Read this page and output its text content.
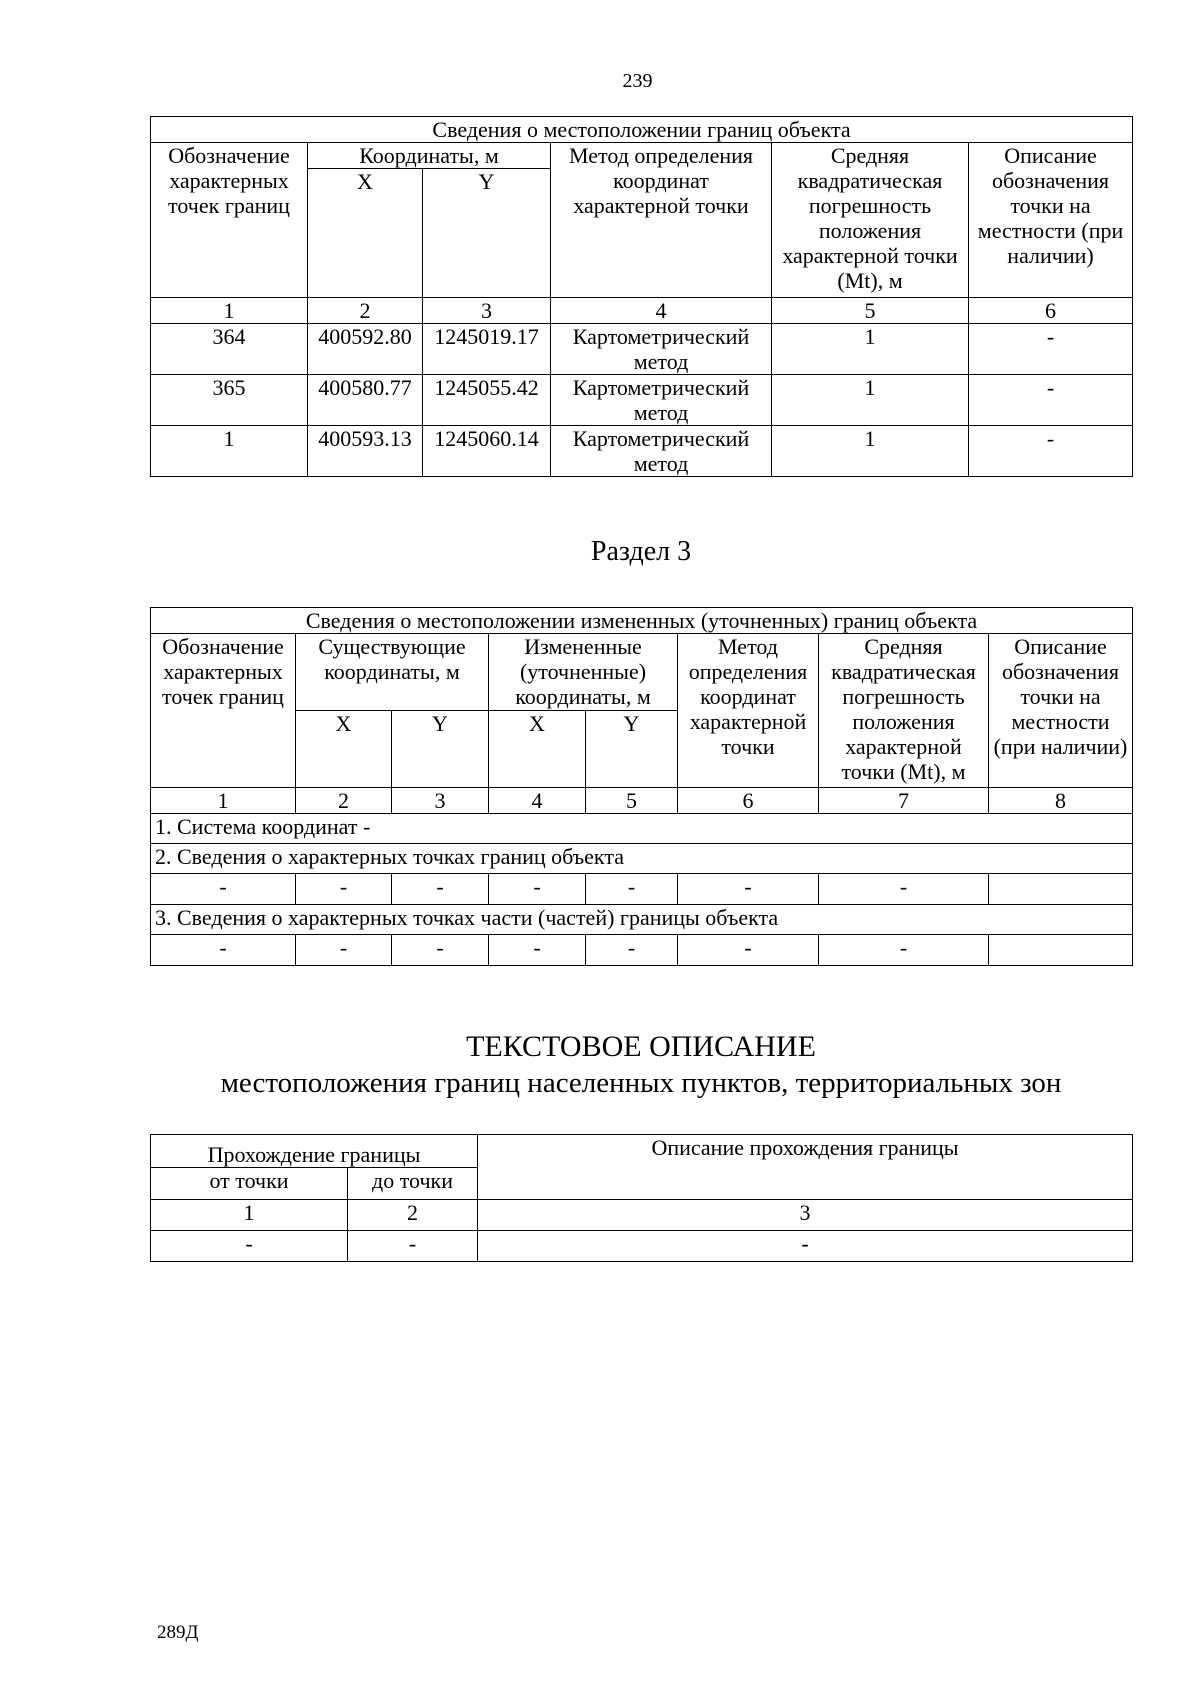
239
Сведения о местоположении границ объекта					
Обозначение характерных точек границ	Координаты, м		Метод определения координат характерной точки	Средняя квадратическая погрешность положения характерной точки (Mt), м	Описание обозначения точки на местности (при наличии)
	X	Y			
1	2	3	4	5	6
364	400592.80	1245019.17	Картометрический метод	1	-
365	400580.77	1245055.42	Картометрический метод	1	-
1	400593.13	1245060.14	Картометрический метод	1	-
Раздел 3
Сведения о местоположении измененных (уточненных) границ объекта							
Обозначение характерных точек границ	Существующие координаты, м		Измененные (уточненные) координаты, м		Метод определения координат характерной точки	Средняя квадратическая погрешность положения характерной точки (Mt), м	Описание обозначения точки на местности (при наличии)
	X	Y	X	Y			
1	2	3	4	5	6	7	8
1. Система координат -							
2. Сведения о характерных точках границ объекта							
-	-	-	-	-	-	-	
3. Сведения о характерных точках части (частей) границы объекта							
-	-	-	-	-	-	-	
ТЕКСТОВОЕ ОПИСАНИЕ
местоположения границ населенных пунктов, территориальных зон
Прохождение границы		Описание прохождения границы
от точки	до точки	
1	2	3
-	-	-
289Д
